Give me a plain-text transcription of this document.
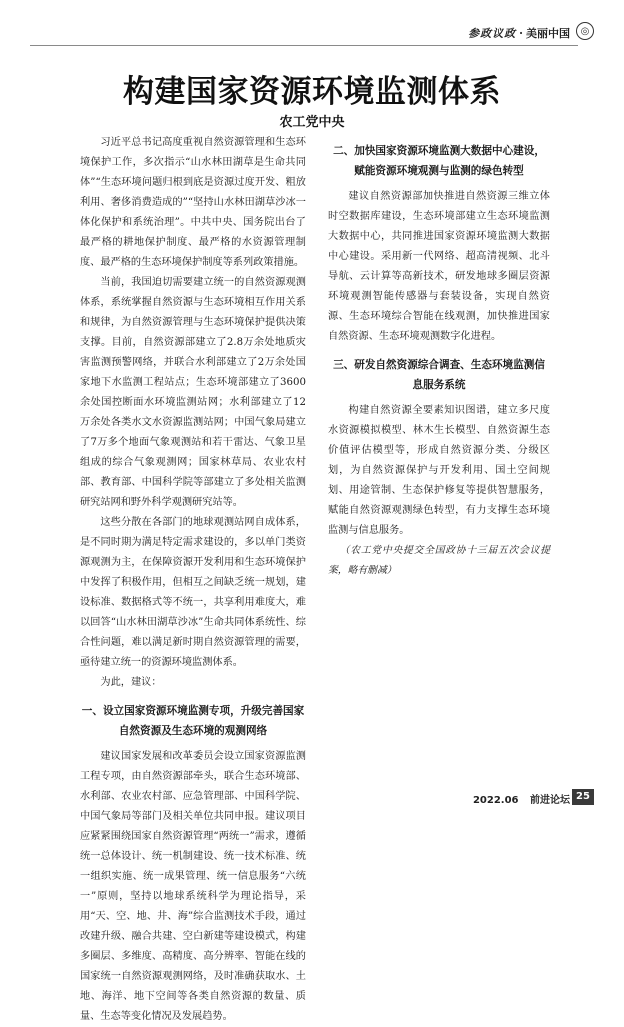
参政议政 · 美丽中国	◎
构建国家资源环境监测体系
农工党中央

习近平总书记高度重视自然资源管理和生态环境保护工作，多次指示“山水林田湖草是生命共同体”“生态环境问题归根到底是资源过度开发、粗放利用、奢侈消费造成的”“坚持山水林田湖草沙冰一体化保护和系统治理”。中共中央、国务院出台了最严格的耕地保护制度、最严格的水资源管理制度、最严格的生态环境保护制度等系列政策措施。

当前，我国迫切需要建立统一的自然资源观测体系，系统掌握自然资源与生态环境相互作用关系和规律，为自然资源管理与生态环境保护提供决策支撑。目前，自然资源部建立了2.8万余处地质灾害监测预警网络，并联合水利部建立了2万余处国家地下水监测工程站点；生态环境部建立了3600余处国控断面水环境监测站网；水利部建立了12万余处各类水文水资源监测站网；中国气象局建立了7万多个地面气象观测站和若干雷达、气象卫星组成的综合气象观测网；国家林草局、农业农村部、教育部、中国科学院等部建立了多处相关监测研究站网和野外科学观测研究站等。

这些分散在各部门的地球观测站网自成体系，是不同时期为满足特定需求建设的，多以单门类资源观测为主，在保障资源开发利用和生态环境保护中发挥了积极作用，但相互之间缺乏统一规划，建设标准、数据格式等不统一，共享利用难度大，难以回答“山水林田湖草沙冰”生命共同体系统性、综合性问题，难以满足新时期自然资源管理的需要，亟待建立统一的资源环境监测体系。

为此，建议：

一、设立国家资源环境监测专项，升级完善国家自然资源及生态环境的观测网络

建议国家发展和改革委员会设立国家资源监测工程专项，由自然资源部牵头，联合生态环境部、水利部、农业农村部、应急管理部、中国科学院、中国气象局等部门及相关单位共同申报。建议项目应紧紧围绕国家自然资源管理“两统一”需求，遵循统一总体设计、统一机制建设、统一技术标准、统一组织实施、统一成果管理、统一信息服务“六统一”原则，坚持以地球系统科学为理论指导，采用“天、空、地、井、海”综合监测技术手段，通过改建升级、融合共建、空白新建等建设模式，构建多圈层、多维度、高精度、高分辨率、智能在线的国家统一自然资源观测网络，及时准确获取水、土地、海洋、地下空间等各类自然资源的数量、质量、生态等变化情况及发展趋势。

二、加快国家资源环境监测大数据中心建设，赋能资源环境观测与监测的绿色转型

建议自然资源部加快推进自然资源三维立体时空数据库建设，生态环境部建立生态环境监测大数据中心，共同推进国家资源环境监测大数据中心建设。采用新一代网络、超高清视频、北斗导航、云计算等高新技术，研发地球多圈层资源环境观测智能传感器与套装设备，实现自然资源、生态环境综合智能在线观测，加快推进国家自然资源、生态环境观测数字化进程。

三、研发自然资源综合调查、生态环境监测信息服务系统

构建自然资源全要素知识图谱，建立多尺度水资源模拟模型、林木生长模型、自然资源生态价值评估模型等，形成自然资源分类、分级区划，为自然资源保护与开发利用、国土空间规划、用途管制、生态保护修复等提供智慧服务，赋能自然资源观测绿色转型，有力支撑生态环境监测与信息服务。

（农工党中央提交全国政协十三届五次会议提案，略有删减）

2022.06 前进论坛 25
